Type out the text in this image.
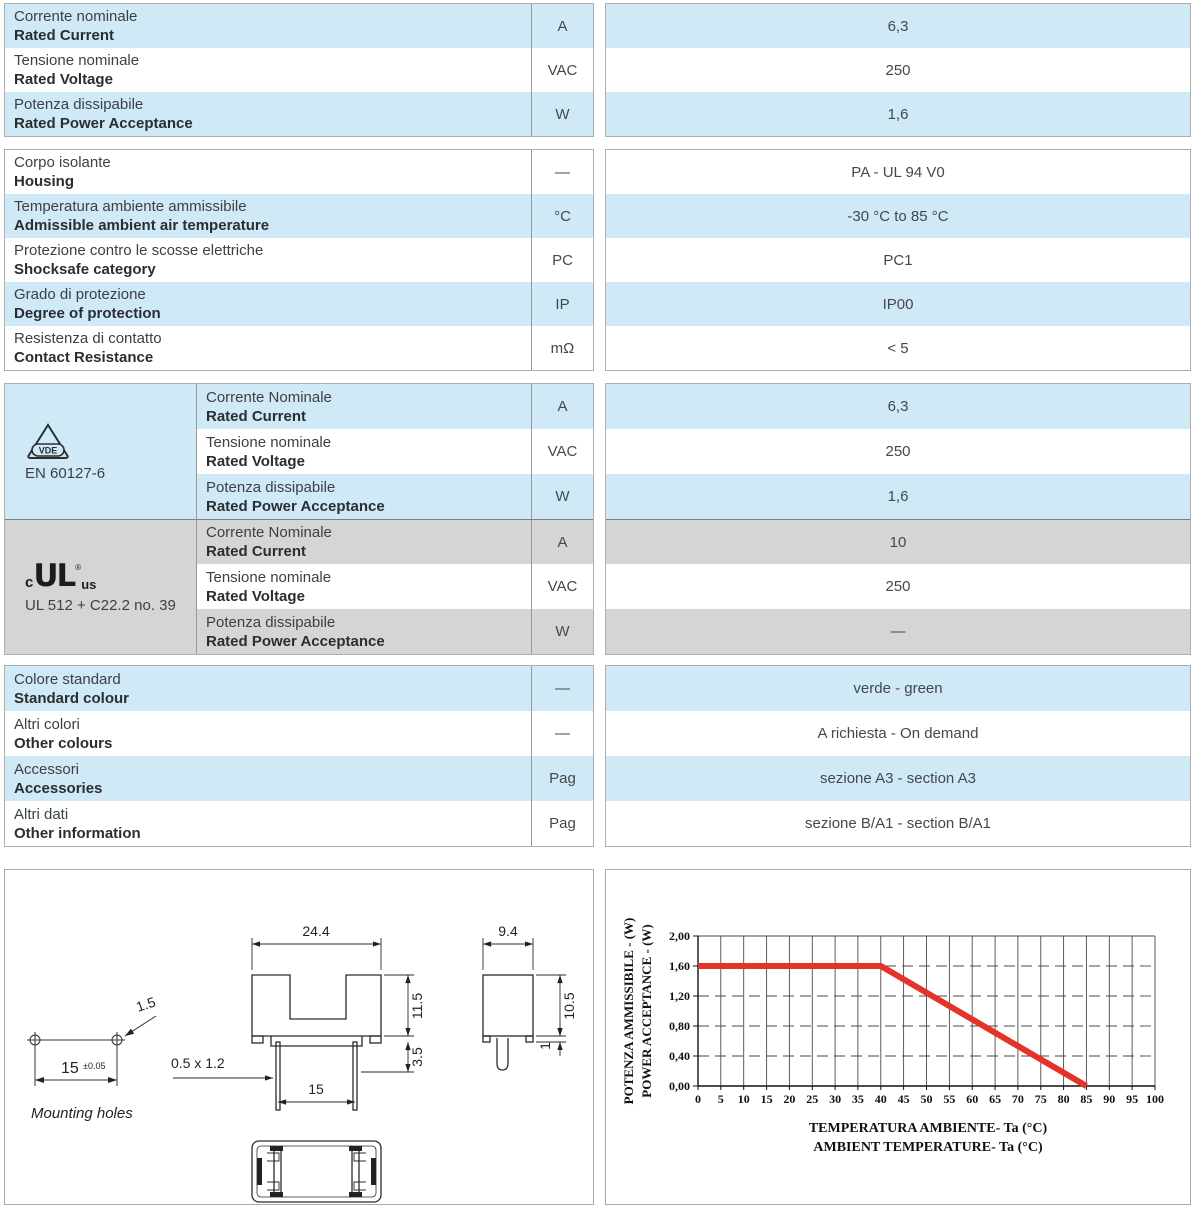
Corrente nominale
Rated Current
A
Tensione nominale
Rated Voltage
VAC
Potenza dissipabile
Rated Power Acceptance
W
6,3
250
1,6
Corpo isolante
Housing
—
Temperatura ambiente ammissibile
Admissible ambient air temperature
°C
Protezione contro le scosse elettriche
Shocksafe category
PC
Grado di protezione
Degree of protection
IP
Resistenza di contatto
Contact Resistance
mΩ
PA - UL 94 V0
-30 °C to 85 °C
PC1
IP00
< 5
VDE
EN 60127-6
c UL ®
us
UL 512 + C22.2 no. 39
Corrente Nominale
Rated Current
A
Tensione nominale
Rated Voltage
VAC
Potenza dissipabile
Rated Power Acceptance
W
Corrente Nominale
Rated Current
A
Tensione nominale
Rated Voltage
VAC
Potenza dissipabile
Rated Power Acceptance
W
6,3
250
1,6
10
250
—
Colore standard
Standard colour
—
Altri colori
Other colours
—
Accessori
Accessories
Pag
Altri dati
Other information
Pag
verde - green
A richiesta - On demand
sezione A3 - section A3
sezione B/A1 - section B/A1
1.5
15 ±0.05
Mounting holes
24.4
11.5
3.5
15
0.5 x 1.2
9.4
10.5
1
0 5 10 15 20 25 30 35 40 45 50 55 60 65 70 75 80 85 90 95 100
0,00
0,40
0,80
1,20
1,60
2,00
POTENZA AMMISSIBILE - (W) POWER ACCEPTANCE - (W)
TEMPERATURA AMBIENTE- Ta (°C)
AMBIENT TEMPERATURE- Ta (°C)
